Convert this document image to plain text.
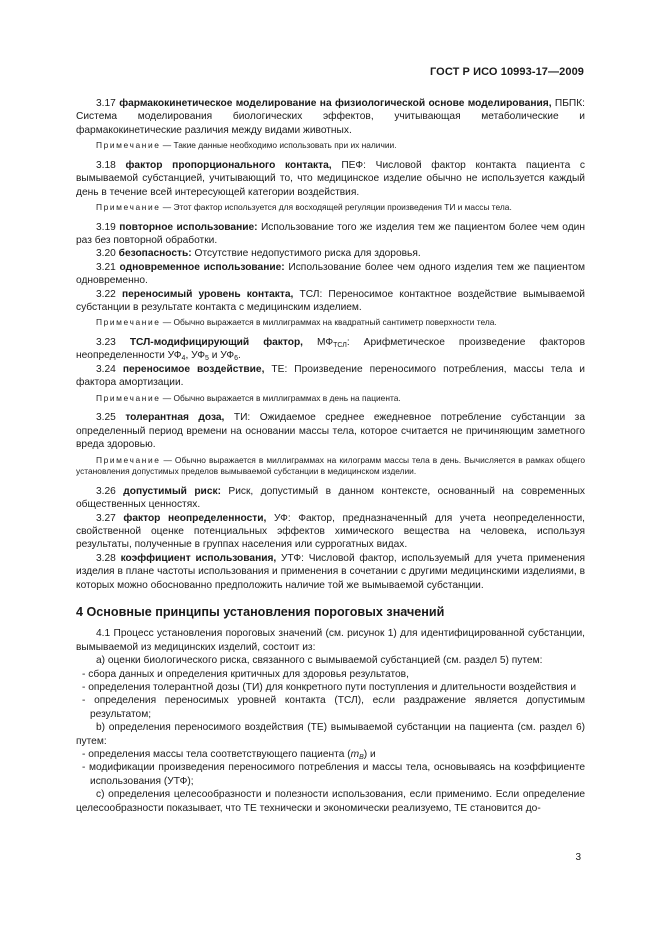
ГОСТ Р ИСО 10993-17—2009

3.17 фармакокинетическое моделирование на физиологической основе моделирования, ПБПК: Система моделирования биологических эффектов, учитывающая метаболические и фармакокинетические различия между видами животных.

Примечание — Такие данные необходимо использовать при их наличии.

3.18 фактор пропорционального контакта, ПЕФ: Числовой фактор контакта пациента с вымываемой субстанцией, учитывающий то, что медицинское изделие обычно не используется каждый день в течение всей интересующей категории воздействия.

Примечание — Этот фактор используется для восходящей регуляции произведения ТИ и массы тела.

3.19 повторное использование: Использование того же изделия тем же пациентом более чем один раз без повторной обработки.

3.20 безопасность: Отсутствие недопустимого риска для здоровья.

3.21 одновременное использование: Использование более чем одного изделия тем же пациентом одновременно.

3.22 переносимый уровень контакта, ТСЛ: Переносимое контактное воздействие вымываемой субстанции в результате контакта с медицинским изделием.

Примечание — Обычно выражается в миллиграммах на квадратный сантиметр поверхности тела.

3.23 ТСЛ-модифицирующий фактор, $МФ_{ТСЛ}$: Арифметическое произведение факторов неопределенности $УФ_4$, $УФ_5$ и $УФ_6$.

3.24 переносимое воздействие, ТЕ: Произведение переносимого потребления, массы тела и фактора амортизации.

Примечание — Обычно выражается в миллиграммах в день на пациента.

3.25 толерантная доза, ТИ: Ожидаемое среднее ежедневное потребление субстанции за определенный период времени на основании массы тела, которое считается не причиняющим заметного вреда здоровью.

Примечание — Обычно выражается в миллиграммах на килограмм массы тела в день. Вычисляется в рамках общего установления допустимых пределов вымываемой субстанции в медицинском изделии.

3.26 допустимый риск: Риск, допустимый в данном контексте, основанный на современных общественных ценностях.

3.27 фактор неопределенности, УФ: Фактор, предназначенный для учета неопределенности, свойственной оценке потенциальных эффектов химического вещества на человека, используя результаты, полученные в группах населения или суррогатных видах.

3.28 коэффициент использования, УТФ: Числовой фактор, используемый для учета применения изделия в плане частоты использования и применения в сочетании с другими медицинскими изделиями, в которых можно обоснованно предположить наличие той же вымываемой субстанции.

4 Основные принципы установления пороговых значений

4.1 Процесс установления пороговых значений (см. рисунок 1) для идентифицированной субстанции, вымываемой из медицинских изделий, состоит из:

a) оценки биологического риска, связанного с вымываемой субстанцией (см. раздел 5) путем:

- сбора данных и определения критичных для здоровья результатов,

- определения толерантной дозы (ТИ) для конкретного пути поступления и длительности воздействия и

- определения переносимых уровней контакта (ТСЛ), если раздражение является допустимым результатом;

b) определения переносимого воздействия (ТЕ) вымываемой субстанции на пациента (см. раздел 6) путем:

- определения массы тела соответствующего пациента $(m_B)$ и

- модификации произведения переносимого потребления и массы тела, основываясь на коэффициенте использования (УТФ);

c) определения целесообразности и полезности использования, если применимо. Если определение целесообразности показывает, что ТЕ технически и экономически реализуемо, ТЕ становится до-

3
